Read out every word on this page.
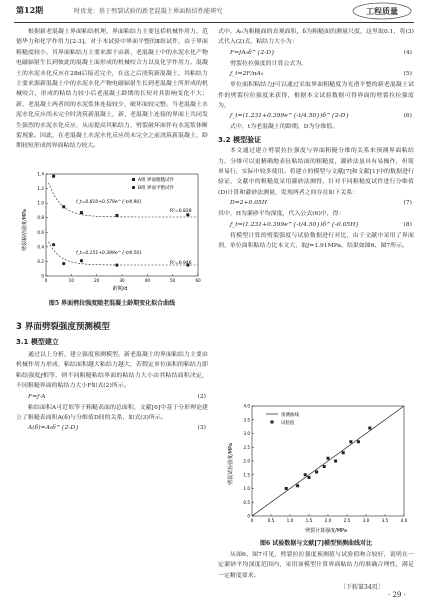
第12期	时贵龙：基于劈裂试验的新老混凝土界面粘结性能研究	工程质量

根据新老混凝土界面粘结机理，界面粘结力主要包括机械作用力、范德华力和化学作用力[2-3]。对于本试验中界面平整的Ⅱ组试件，由于界面粗糙度较小，其界面粘结力主要来源于由新、老混凝土中的水泥水化产物电磁辐射生长到彼此的混凝土面形成的机械咬合力以及化学作用力。混凝土的水泥水化反应在28d后接近完全，在这之后浇筑新混凝土，其粘结力主要来源新混凝土中的水泥水化产物电磁辐射生长到老混凝土所形成的机械咬合，形成的粘结力较小后老混凝土龄期的长短对其影响变化不大；新、老混凝土两者间的水泥浆体连接较少，破坏面较完整。当老混凝土水泥水化反应尚未完全时浇筑新混凝土，新、老混凝土连接的界面上共同发生强烈的水泥水化反应，从而提高其粘结力，劈裂破坏面伴有水泥浆体断裂现象。因此，在老混凝土水泥水化反应尚未完全之前浇筑新混凝土，龄期较短形成的界面粘结力较大。

0	10	20	30	40	50	60
0
0.2
0.4
0.6
0.8
1.0
1.2
1.4
劈裂粘结强度/MPa
龄期/d
A组 界面粗糙试件
B组 界面平整试件
f_t=0.810+0.579e^{-t/4.90}
R²=0.828
f_t=0.151+0.399e^{-t/4.50}
R²=0.946
图5 界面劈拉强度随老混凝土龄期变化拟合曲线
3 界面劈裂强度预测模型
3.1 模型建立

通过以上分析，建立强度预测模型。新老混凝土的界面粘结力主要由机械作用力形成，粘结面积越大粘结力越大，若假定单位面积的粘结力即粘结强度ƒ相等，则不同粗糙粘结界面的粘结力大小由其粘结面积决定，不同粗糙界面的粘结力大小F如式(2)所示。

F=ƒ·A	(2)

粘结面积A可近似等于粗糙表面的总面积，文献[6]中基于分形理论建立了粗糙表面积A(δ)与分维值D间的关系，如式(3)所示。

A(δ)=A₀δ^{2-D}	(3)

式中，A₀为粗糙面的直观面积，δ为粗糙面的测量尺度，这里取0.1，将(3)式代入(2)式，粘结力大小为：

F=ƒA₀δ^{2-D}	(4)

劈裂拉拉强度的计算公式为，

ƒ_t=2F/πA₀	(5)

单位面积粘结力ƒ可以通过采取界面粗糙度为光滑平整的新老混凝土试件的劈裂拉拉强度来获得，根据本文试验数据可得界面的劈裂拉拉强度为，

ƒ_t=(1.231+0.399e^{-t/4.50})δ^{2-D}	(6)

式中，t为老混凝土的龄期，D为分维值。

3.2 模型验证

本文通过建立劈裂拉拉强度与界面粗糙分维的关系来预测界面粘结力，分维可以更精确地表征粘结面的粗糙度，灌砂法虽具有易操作，但简单易行，实际中较多使用。将建立的模型与文献[7]和文献[1]中的数据进行验证，文献中的粗糙度采用灌砂法测得，针对不同粗糙度试件进行分维值(D)计算和灌砂法测量，发现两者之间存在如下关系：

D=2+0.05H	(7)

其中，H为灌砂平均深度，代入公式(6)中，得：

ƒ_t=(1.231+0.399e^{-t/4.50})δ^{-0.05H}	(8)

将模型计算的劈裂强度与试验数据进行对比，由于文献中采用了界面剂，单位面积粘结力比本文大，取ƒ=1.91MPa，结果如图6、图7所示。

0	0.5	1.0	1.5	2.0	2.5	3.0	3.5	4.0
0
0.5
1.0
1.5
2.0
2.5
3.0
3.5
4.0
劈裂试验强度/MPa
劈裂计算强度/MPa
预测曲线
试验值
图6 试验数据与文献[7]模型预测曲线对比

从图6、图7可见，劈裂拉拉强度预测值与试验值吻合较好，说明在一定灌砂平均深度范围内，采用该模型计算界面粘结力的准确合理性，满足一定精度要求。

〔下转第34页〕
· 29 ·
